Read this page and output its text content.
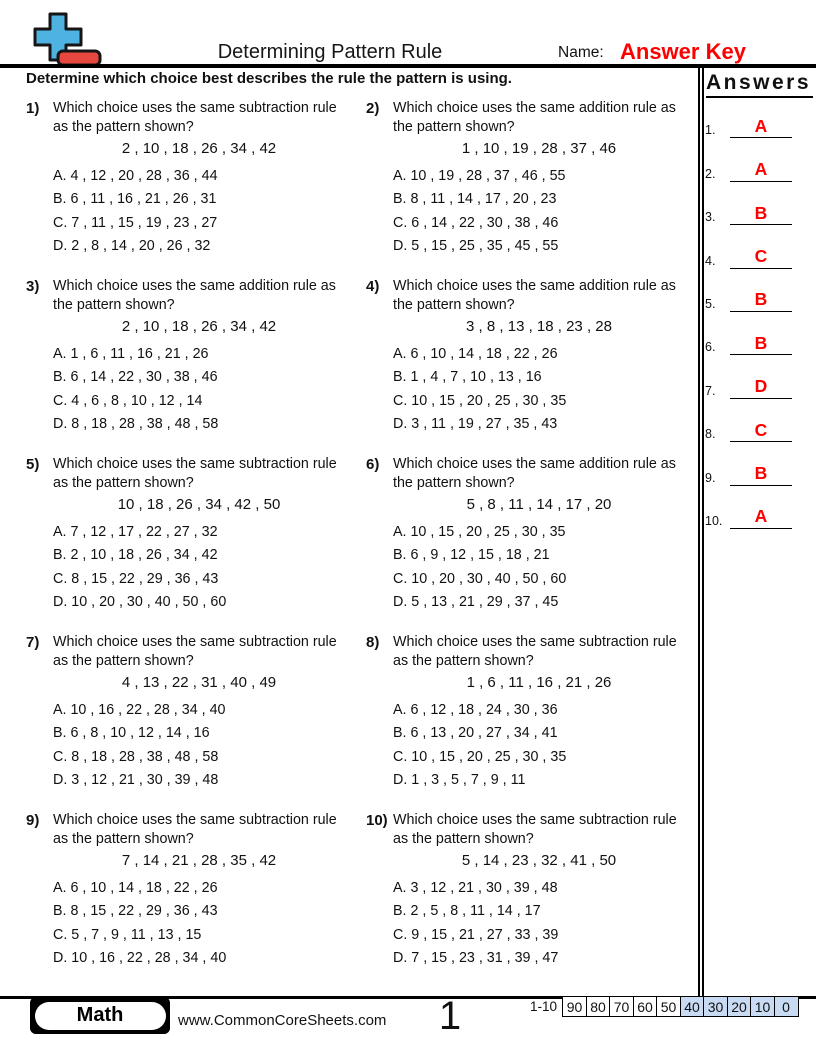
Determining Pattern Rule	Name: Answer Key
Determine which choice best describes the rule the pattern is using.	Answers
1.	A
2.	A
3.	B
4.	C
5.	B
6.	B
7.	D
8.	C
9.	B
10.	A
1) Which choice uses the same subtraction rule as the pattern shown?
2 , 10 , 18 , 26 , 34 , 42
A. 4 , 12 , 20 , 28 , 36 , 44
B. 6 , 11 , 16 , 21 , 26 , 31
C. 7 , 11 , 15 , 19 , 23 , 27
D. 2 , 8 , 14 , 20 , 26 , 32
2) Which choice uses the same addition rule as the pattern shown?
1 , 10 , 19 , 28 , 37 , 46
A. 10 , 19 , 28 , 37 , 46 , 55
B. 8 , 11 , 14 , 17 , 20 , 23
C. 6 , 14 , 22 , 30 , 38 , 46
D. 5 , 15 , 25 , 35 , 45 , 55
3) Which choice uses the same addition rule as the pattern shown?
2 , 10 , 18 , 26 , 34 , 42
A. 1 , 6 , 11 , 16 , 21 , 26
B. 6 , 14 , 22 , 30 , 38 , 46
C. 4 , 6 , 8 , 10 , 12 , 14
D. 8 , 18 , 28 , 38 , 48 , 58
4) Which choice uses the same addition rule as the pattern shown?
3 , 8 , 13 , 18 , 23 , 28
A. 6 , 10 , 14 , 18 , 22 , 26
B. 1 , 4 , 7 , 10 , 13 , 16
C. 10 , 15 , 20 , 25 , 30 , 35
D. 3 , 11 , 19 , 27 , 35 , 43
5) Which choice uses the same subtraction rule as the pattern shown?
10 , 18 , 26 , 34 , 42 , 50
A. 7 , 12 , 17 , 22 , 27 , 32
B. 2 , 10 , 18 , 26 , 34 , 42
C. 8 , 15 , 22 , 29 , 36 , 43
D. 10 , 20 , 30 , 40 , 50 , 60
6) Which choice uses the same addition rule as the pattern shown?
5 , 8 , 11 , 14 , 17 , 20
A. 10 , 15 , 20 , 25 , 30 , 35
B. 6 , 9 , 12 , 15 , 18 , 21
C. 10 , 20 , 30 , 40 , 50 , 60
D. 5 , 13 , 21 , 29 , 37 , 45
7) Which choice uses the same subtraction rule as the pattern shown?
4 , 13 , 22 , 31 , 40 , 49
A. 10 , 16 , 22 , 28 , 34 , 40
B. 6 , 8 , 10 , 12 , 14 , 16
C. 8 , 18 , 28 , 38 , 48 , 58
D. 3 , 12 , 21 , 30 , 39 , 48
8) Which choice uses the same subtraction rule as the pattern shown?
1 , 6 , 11 , 16 , 21 , 26
A. 6 , 12 , 18 , 24 , 30 , 36
B. 6 , 13 , 20 , 27 , 34 , 41
C. 10 , 15 , 20 , 25 , 30 , 35
D. 1 , 3 , 5 , 7 , 9 , 11
9) Which choice uses the same subtraction rule as the pattern shown?
7 , 14 , 21 , 28 , 35 , 42
A. 6 , 10 , 14 , 18 , 22 , 26
B. 8 , 15 , 22 , 29 , 36 , 43
C. 5 , 7 , 9 , 11 , 13 , 15
D. 10 , 16 , 22 , 28 , 34 , 40
10) Which choice uses the same subtraction rule as the pattern shown?
5 , 14 , 23 , 32 , 41 , 50
A. 3 , 12 , 21 , 30 , 39 , 48
B. 2 , 5 , 8 , 11 , 14 , 17
C. 9 , 15 , 21 , 27 , 33 , 39
D. 7 , 15 , 23 , 31 , 39 , 47
Math	www.CommonCoreSheets.com	1	1-10 90 80 70 60 50 40 30 20 10 0
